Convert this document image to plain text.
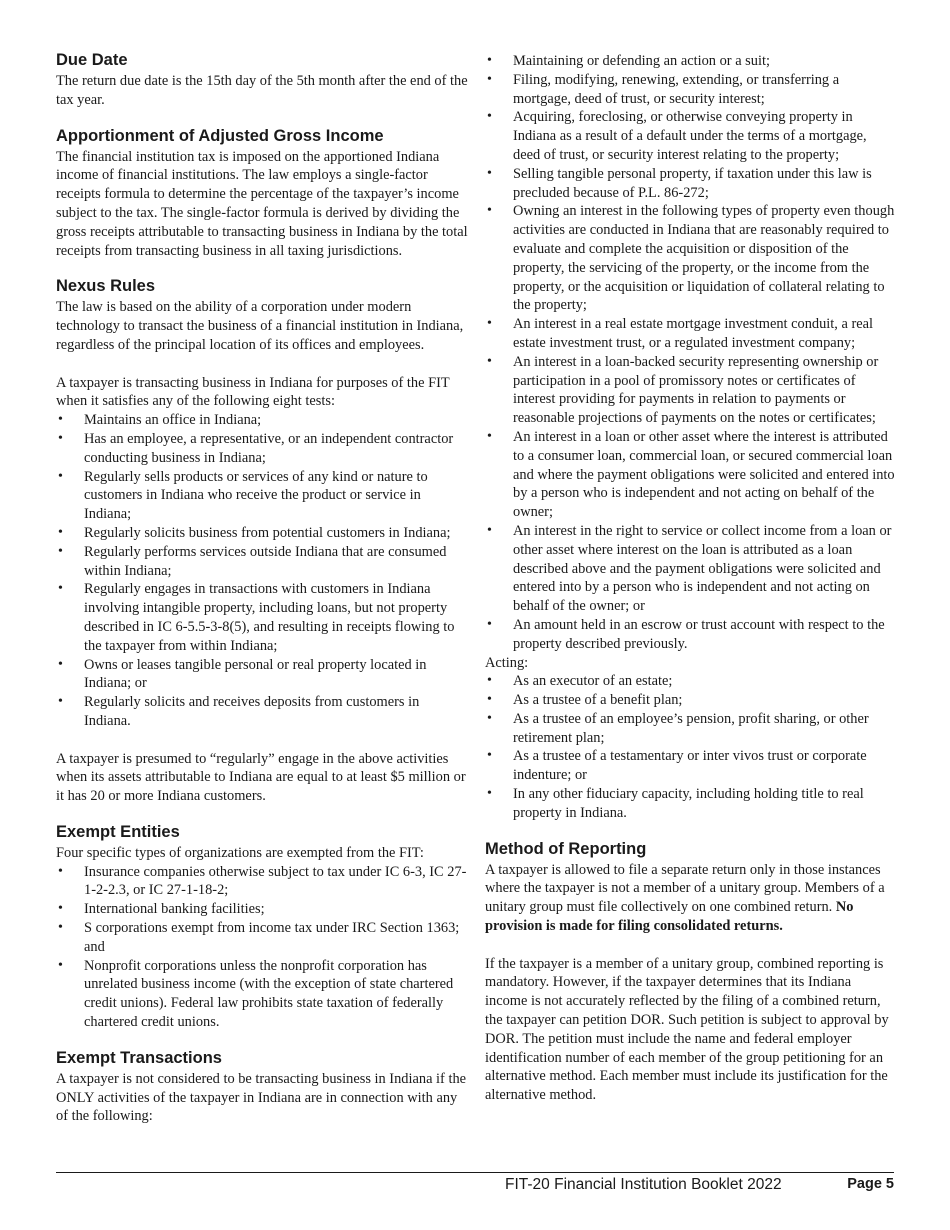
Due Date

The return due date is the 15th day of the 5th month after the end of the tax year.

Apportionment of Adjusted Gross Income

The financial institution tax is imposed on the apportioned Indiana income of financial institutions. The law employs a single-factor receipts formula to determine the percentage of the taxpayer’s income subject to the tax. The single-factor formula is derived by dividing the gross receipts attributable to transacting business in Indiana by the total receipts from transacting business in all taxing jurisdictions.

Nexus Rules

The law is based on the ability of a corporation under modern technology to transact the business of a financial institution in Indiana, regardless of the principal location of its offices and employees.

A taxpayer is transacting business in Indiana for purposes of the FIT when it satisfies any of the following eight tests:

• Maintains an office in Indiana;
• Has an employee, a representative, or an independent contractor conducting business in Indiana;
• Regularly sells products or services of any kind or nature to customers in Indiana who receive the product or service in Indiana;
• Regularly solicits business from potential customers in Indiana;
• Regularly performs services outside Indiana that are consumed within Indiana;
• Regularly engages in transactions with customers in Indiana involving intangible property, including loans, but not property described in IC 6-5.5-3-8(5), and resulting in receipts flowing to the taxpayer from within Indiana;
• Owns or leases tangible personal or real property located in Indiana; or
• Regularly solicits and receives deposits from customers in Indiana.

A taxpayer is presumed to “regularly” engage in the above activities when its assets attributable to Indiana are equal to at least $5 million or it has 20 or more Indiana customers.

Exempt Entities

Four specific types of organizations are exempted from the FIT:

• Insurance companies otherwise subject to tax under IC 6-3, IC 27-1-2-2.3, or IC 27-1-18-2;
• International banking facilities;
• S corporations exempt from income tax under IRC Section 1363; and
• Nonprofit corporations unless the nonprofit corporation has unrelated business income (with the exception of state chartered credit unions). Federal law prohibits state taxation of federally chartered credit unions.
Exempt Transactions

A taxpayer is not considered to be transacting business in Indiana if the ONLY activities of the taxpayer in Indiana are in connection with any of the following:

• Maintaining or defending an action or a suit;
• Filing, modifying, renewing, extending, or transferring a mortgage, deed of trust, or security interest;
• Acquiring, foreclosing, or otherwise conveying property in Indiana as a result of a default under the terms of a mortgage, deed of trust, or security interest relating to the property;
• Selling tangible personal property, if taxation under this law is precluded because of P.L. 86-272;
• Owning an interest in the following types of property even though activities are conducted in Indiana that are reasonably required to evaluate and complete the acquisition or disposition of the property, the servicing of the property, or the income from the property, or the acquisition or liquidation of collateral relating to the property;
• An interest in a real estate mortgage investment conduit, a real estate investment trust, or a regulated investment company;
• An interest in a loan-backed security representing ownership or participation in a pool of promissory notes or certificates of interest providing for payments in relation to payments or reasonable projections of payments on the notes or certificates;
• An interest in a loan or other asset where the interest is attributed to a consumer loan, commercial loan, or secured commercial loan and where the payment obligations were solicited and entered into by a person who is independent and not acting on behalf of the owner;
• An interest in the right to service or collect income from a loan or other asset where interest on the loan is attributed as a loan described above and the payment obligations were solicited and entered into by a person who is independent and not acting on behalf of the owner; or
• An amount held in an escrow or trust account with respect to the property described previously.
Acting:
• As an executor of an estate;
• As a trustee of a benefit plan;
• As a trustee of an employee’s pension, profit sharing, or other retirement plan;
• As a trustee of a testamentary or inter vivos trust or corporate indenture; or
• In any other fiduciary capacity, including holding title to real property in Indiana.
Method of Reporting

A taxpayer is allowed to file a separate return only in those instances where the taxpayer is not a member of a unitary group. Members of a unitary group must file collectively on one combined return. No provision is made for filing consolidated returns.

If the taxpayer is a member of a unitary group, combined reporting is mandatory. However, if the taxpayer determines that its Indiana income is not accurately reflected by the filing of a combined return, the taxpayer can petition DOR. Such petition is subject to approval by DOR. The petition must include the name and federal employer identification number of each member of the group petitioning for an alternative method. Each member must include its justification for the alternative method.

FIT-20 Financial Institution Booklet 2022	Page 5
